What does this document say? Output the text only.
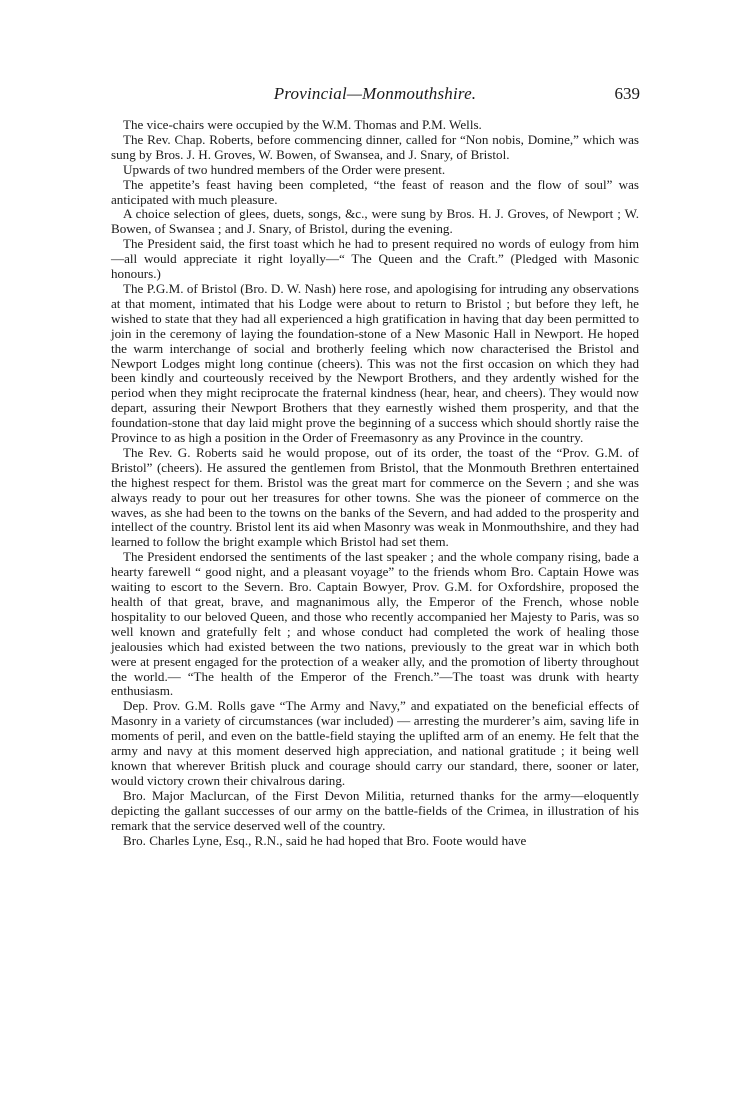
Provincial—Monmouthshire.	639

The vice-chairs were occupied by the W.M. Thomas and P.M. Wells.

The Rev. Chap. Roberts, before commencing dinner, called for “Non nobis, Domine,” which was sung by Bros. J. H. Groves, W. Bowen, of Swansea, and J. Snary, of Bristol.

Upwards of two hundred members of the Order were present.

The appetite’s feast having been completed, “the feast of reason and the flow of soul” was anticipated with much pleasure.

A choice selection of glees, duets, songs, &c., were sung by Bros. H. J. Groves, of Newport ; W. Bowen, of Swansea ; and J. Snary, of Bristol, during the evening.

The President said, the first toast which he had to present required no words of eulogy from him—all would appreciate it right loyally—“ The Queen and the Craft.” (Pledged with Masonic honours.)

The P.G.M. of Bristol (Bro. D. W. Nash) here rose, and apologising for intruding any observations at that moment, intimated that his Lodge were about to return to Bristol ; but before they left, he wished to state that they had all experienced a high gratification in having that day been permitted to join in the ceremony of laying the foundation-stone of a New Masonic Hall in Newport. He hoped the warm interchange of social and brotherly feeling which now characterised the Bristol and Newport Lodges might long continue (cheers). This was not the first occasion on which they had been kindly and courteously received by the Newport Brothers, and they ardently wished for the period when they might reciprocate the fraternal kindness (hear, hear, and cheers). They would now depart, assuring their Newport Brothers that they earnestly wished them prosperity, and that the foundation-stone that day laid might prove the beginning of a success which should shortly raise the Province to as high a position in the Order of Freemasonry as any Province in the country.

The Rev. G. Roberts said he would propose, out of its order, the toast of the “Prov. G.M. of Bristol” (cheers). He assured the gentlemen from Bristol, that the Monmouth Brethren entertained the highest respect for them. Bristol was the great mart for commerce on the Severn ; and she was always ready to pour out her treasures for other towns. She was the pioneer of commerce on the waves, as she had been to the towns on the banks of the Severn, and had added to the prosperity and intellect of the country. Bristol lent its aid when Masonry was weak in Monmouthshire, and they had learned to follow the bright example which Bristol had set them.

The President endorsed the sentiments of the last speaker ; and the whole company rising, bade a hearty farewell “ good night, and a pleasant voyage” to the friends whom Bro. Captain Howe was waiting to escort to the Severn. Bro. Captain Bowyer, Prov. G.M. for Oxfordshire, proposed the health of that great, brave, and magnanimous ally, the Emperor of the French, whose noble hospitality to our beloved Queen, and those who recently accompanied her Majesty to Paris, was so well known and gratefully felt ; and whose conduct had completed the work of healing those jealousies which had existed between the two nations, previously to the great war in which both were at present engaged for the protection of a weaker ally, and the promotion of liberty throughout the world.— “The health of the Emperor of the French.”—The toast was drunk with hearty enthusiasm.

Dep. Prov. G.M. Rolls gave “The Army and Navy,” and expatiated on the beneficial effects of Masonry in a variety of circumstances (war included) — arresting the murderer’s aim, saving life in moments of peril, and even on the battle-field staying the uplifted arm of an enemy. He felt that the army and navy at this moment deserved high appreciation, and national gratitude ; it being well known that wherever British pluck and courage should carry our standard, there, sooner or later, would victory crown their chivalrous daring.

Bro. Major Maclurcan, of the First Devon Militia, returned thanks for the army—eloquently depicting the gallant successes of our army on the battle-fields of the Crimea, in illustration of his remark that the service deserved well of the country.

Bro. Charles Lyne, Esq., R.N., said he had hoped that Bro. Foote would have
